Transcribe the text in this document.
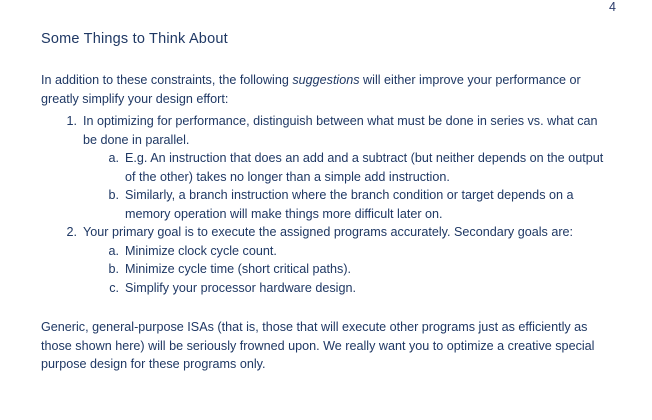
4
Some Things to Think About

In addition to these constraints, the following suggestions will either improve your performance or greatly simplify your design effort:

1. In optimizing for performance, distinguish between what must be done in series vs. what can be done in parallel.
a. E.g. An instruction that does an add and a subtract (but neither depends on the output of the other) takes no longer than a simple add instruction.
b. Similarly, a branch instruction where the branch condition or target depends on a memory operation will make things more difficult later on.
2. Your primary goal is to execute the assigned programs accurately. Secondary goals are:
a. Minimize clock cycle count.
b. Minimize cycle time (short critical paths).
c. Simplify your processor hardware design.

Generic, general-purpose ISAs (that is, those that will execute other programs just as efficiently as those shown here) will be seriously frowned upon. We really want you to optimize a creative special purpose design for these programs only.
